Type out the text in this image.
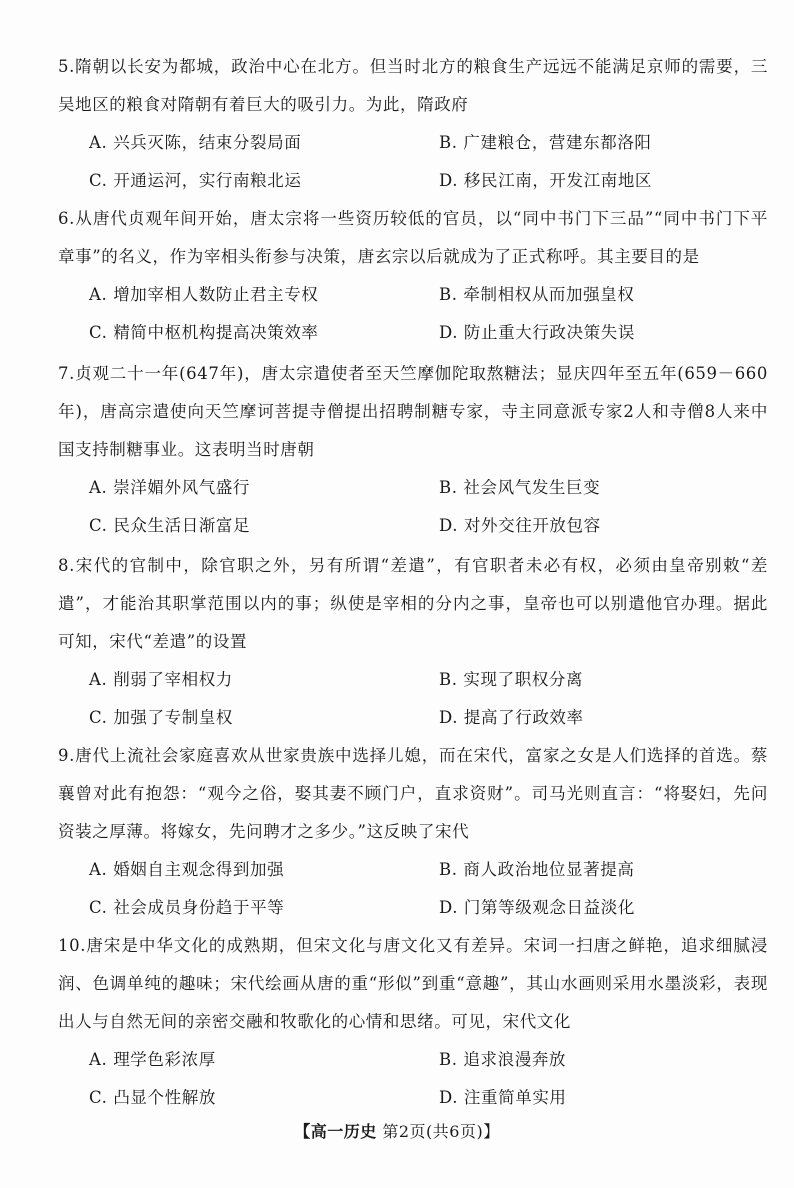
5.隋朝以长安为都城，政治中心在北方。但当时北方的粮食生产远远不能满足京师的需要，三吴地区的粮食对隋朝有着巨大的吸引力。为此，隋政府

A. 兴兵灭陈，结束分裂局面	B. 广建粮仓，营建东都洛阳
C. 开通运河，实行南粮北运	D. 移民江南，开发江南地区

6.从唐代贞观年间开始，唐太宗将一些资历较低的官员，以“同中书门下三品”“同中书门下平章事”的名义，作为宰相头衔参与决策，唐玄宗以后就成为了正式称呼。其主要目的是

A. 增加宰相人数防止君主专权	B. 牵制相权从而加强皇权
C. 精简中枢机构提高决策效率	D. 防止重大行政决策失误

7.贞观二十一年(647年)，唐太宗遣使者至天竺摩伽陀取熬糖法；显庆四年至五年(659－660年)，唐高宗遣使向天竺摩诃菩提寺僧提出招聘制糖专家，寺主同意派专家2人和寺僧8人来中国支持制糖事业。这表明当时唐朝

A. 崇洋媚外风气盛行	B. 社会风气发生巨变
C. 民众生活日渐富足	D. 对外交往开放包容

8.宋代的官制中，除官职之外，另有所谓“差遣”，有官职者未必有权，必须由皇帝别敕“差遣”，才能治其职掌范围以内的事；纵使是宰相的分内之事，皇帝也可以别遣他官办理。据此可知，宋代“差遣”的设置

A. 削弱了宰相权力	B. 实现了职权分离
C. 加强了专制皇权	D. 提高了行政效率

9.唐代上流社会家庭喜欢从世家贵族中选择儿媳，而在宋代，富家之女是人们选择的首选。蔡襄曾对此有抱怨：“观今之俗，娶其妻不顾门户，直求资财”。司马光则直言：“将娶妇，先问资装之厚薄。将嫁女，先问聘才之多少。”这反映了宋代

A. 婚姻自主观念得到加强	B. 商人政治地位显著提高
C. 社会成员身份趋于平等	D. 门第等级观念日益淡化

10.唐宋是中华文化的成熟期，但宋文化与唐文化又有差异。宋词一扫唐之鲜艳，追求细腻浸润、色调单纯的趣味；宋代绘画从唐的重“形似”到重“意趣”，其山水画则采用水墨淡彩，表现出人与自然无间的亲密交融和牧歌化的心情和思绪。可见，宋代文化

A. 理学色彩浓厚	B. 追求浪漫奔放
C. 凸显个性解放	D. 注重简单实用
【高一历史 第2页(共6页)】
